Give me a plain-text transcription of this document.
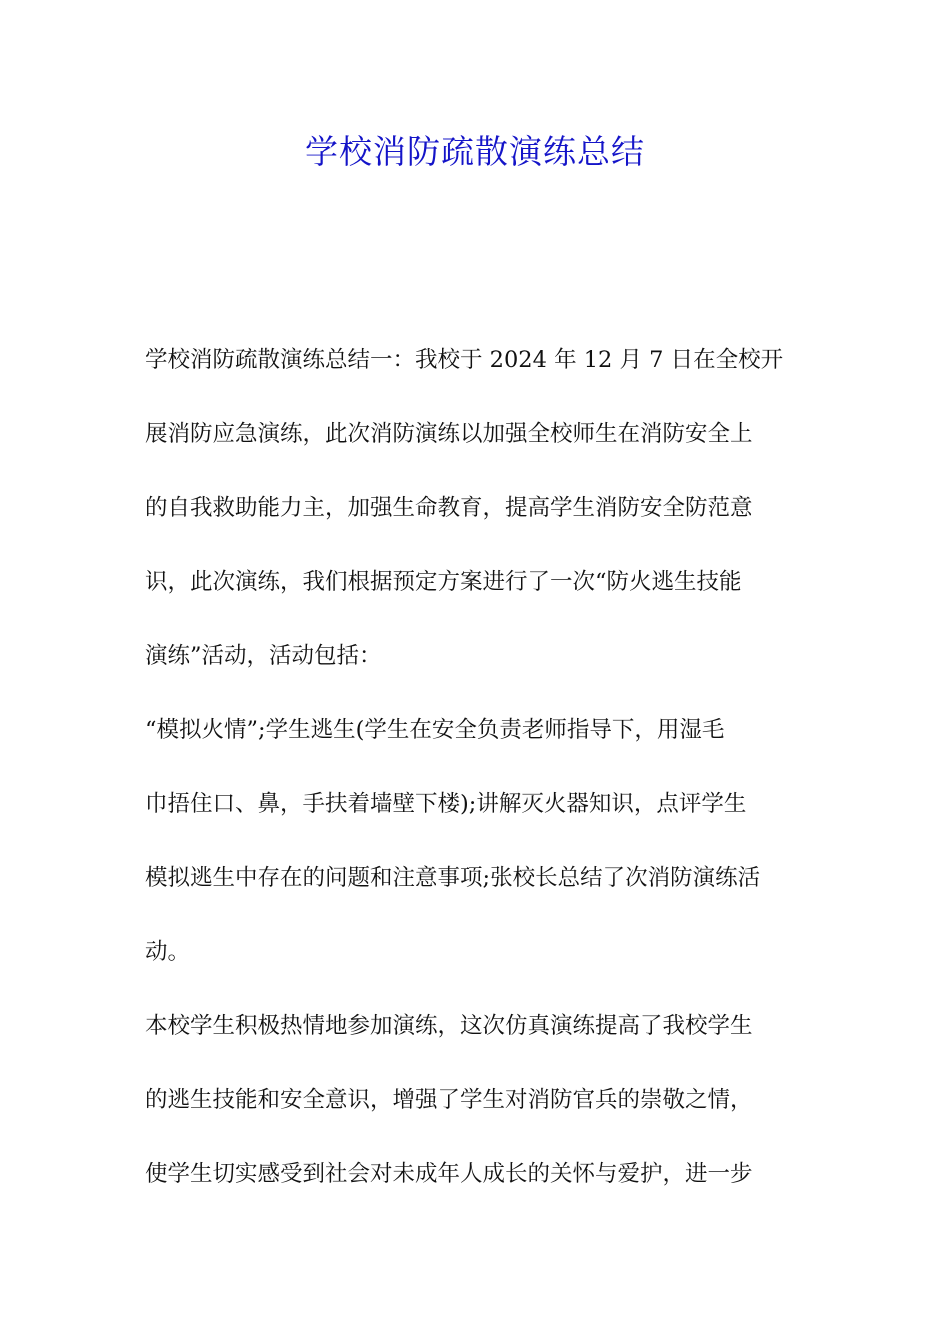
学校消防疏散演练总结
学校消防疏散演练总结一：我校于 2024 年 12 月 7 日在全校开
展消防应急演练，此次消防演练以加强全校师生在消防安全上
的自我救助能力主，加强生命教育，提高学生消防安全防范意
识，此次演练，我们根据预定方案进行了一次“防火逃生技能
演练”活动，活动包括：
“模拟火情”;学生逃生(学生在安全负责老师指导下，用湿毛
巾捂住口、鼻，手扶着墙壁下楼);讲解灭火器知识，点评学生
模拟逃生中存在的问题和注意事项;张校长总结了次消防演练活
动。
本校学生积极热情地参加演练，这次仿真演练提高了我校学生
的逃生技能和安全意识，增强了学生对消防官兵的崇敬之情，
使学生切实感受到社会对未成年人成长的关怀与爱护，进一步
